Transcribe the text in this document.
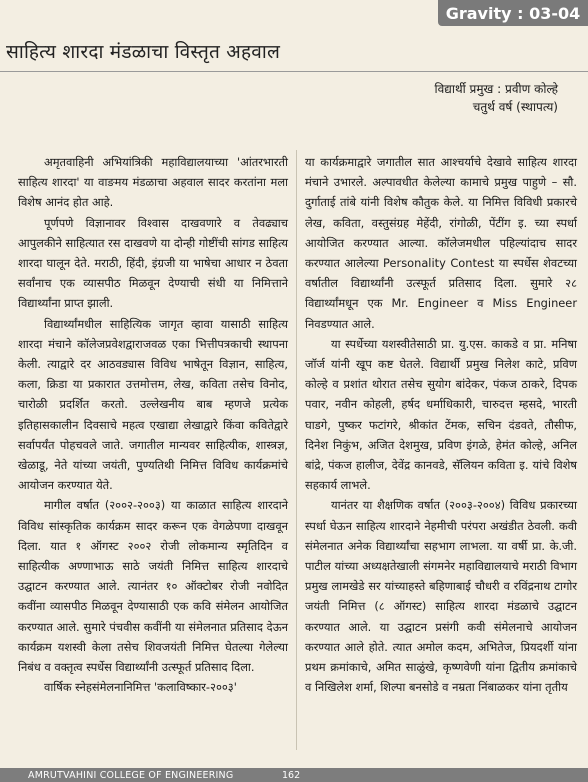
Gravity : 03-04
साहित्य शारदा मंडळाचा विस्तृत अहवाल
विद्यार्थी प्रमुख : प्रवीण कोल्हे
चतुर्थ वर्ष (स्थापत्य)

अमृतवाहिनी अभियांत्रिकी महाविद्यालयाच्या 'आंतरभारती साहित्य शारदा' या वाङमय मंडळाचा अहवाल सादर करतांना मला विशेष आनंद होत आहे.

पूर्णपणे विज्ञानावर विश्वास दाखवणारे व तेवढ्याच आपुलकीने साहित्यात रस दाखवणे या दोन्ही गोष्टींची सांगड साहित्य शारदा घालून देते. मराठी, हिंदी, इंग्रजी या भाषेचा आधार न ठेवता सर्वांनाच एक व्यासपीठ मिळवून देण्याची संधी या निमित्ताने विद्यार्थ्यांना प्राप्त झाली.

विद्यार्थ्यांमधील साहित्यिक जागृत व्हावा यासाठी साहित्य शारदा मंचाने कॉलेजप्रवेशद्वाराजवळ एका भित्तीपत्रकाची स्थापना केली. त्याद्वारे दर आठवड्यास विविध भाषेतून विज्ञान, साहित्य, कला, क्रिडा या प्रकारात उत्तमोत्तम, लेख, कविता तसेच विनोद, चारोळी प्रदर्शित करतो. उल्लेखनीय बाब म्हणजे प्रत्येक इतिहासकालीन दिवसाचे महत्व एखाद्या लेखाद्वारे किंवा कवितेद्वारे सर्वापर्यंत पोहचवले जाते. जगातील मान्यवर साहित्यीक, शास्त्रज्ञ, खेळाडू, नेते यांच्या जयंती, पुण्यतिथी निमित्त विविध कार्यक्रमांचे आयोजन करण्यात येते.

मागील वर्षात (२००२-२००३) या काळात साहित्य शारदाने विविध सांस्कृतिक कार्यक्रम सादर करून एक वेगळेपणा दाखवून दिला. यात १ ऑगस्ट २००२ रोजी लोकमान्य स्मृतिदिन व साहित्यीक अण्णाभाऊ साठे जयंती निमित्त साहित्य शारदाचे उद्घाटन करण्यात आले. त्यानंतर १० ऑक्टोबर रोजी नवोदित कवींना व्यासपीठ मिळवून देण्यासाठी एक कवि संमेलन आयोजित करण्यात आले. सुमारे पंचवीस कवींनी या संमेलनात प्रतिसाद देऊन कार्यक्रम यशस्वी केला तसेच शिवजयंती निमित्त घेतल्या गेलेल्या निबंध व वक्तृत्व स्पर्धेस विद्यार्थ्यांनी उत्स्फूर्त प्रतिसाद दिला.

वार्षिक स्नेहसंमेलनानिमित्त 'कलाविष्कार-२००३'

या कार्यक्रमाद्वारे जगातील सात आश्चर्याचे देखावे साहित्य शारदा मंचाने उभारले. अल्पावधीत केलेल्या कामाचे प्रमुख पाहुणे – सौ. दुर्गाताई तांबे यांनी विशेष कौतुक केले. या निमित्त विविधी प्रकारचे लेख, कविता, वस्तुसंग्रह मेहेंदी, रांगोळी, पेंटींग इ. च्या स्पर्धा आयोजित करण्यात आल्या. कॉलेजमधील पहिल्यांदाच सादर करण्यात आलेल्या Personality Contest या स्पर्धेस शेवटच्या वर्षातील विद्यार्थ्यांनी उत्स्फूर्त प्रतिसाद दिला. सुमारे २८ विद्यार्थ्यांमधून एक Mr. Engineer व Miss Engineer निवडण्यात आले.

या स्पर्धेच्या यशस्वीतेसाठी प्रा. यु.एस. काकडे व प्रा. मनिषा जॉर्ज यांनी खूप कष्ट घेतले. विद्यार्थी प्रमुख निलेश काटे, प्रविण कोल्हे व प्रशांत थोरात तसेच सुयोग बांदेकर, पंकज ठाकरे, दिपक पवार, नवीन कोहली, हर्षद धर्माधिकारी, चारुदत्त म्हसदे, भारती घाडगे, पुष्कर फटांगरे, श्रीकांत टेंमक, सचिन दंडवते, तौसीफ, दिनेश निकुंभ, अजित देशमुख, प्रविण इंगळे, हेमंत कोल्हे, अनिल बांद्रे, पंकज हालीज, देवेंद्र कानवडे, सॅलियन कविता इ. यांचे विशेष सहकार्य लाभले.

यानंतर या शैक्षणिक वर्षात (२००३-२००४) विविध प्रकारच्या स्पर्धा घेऊन साहित्य शारदाने नेहमीची परंपरा अखंडीत ठेवली. कवी संमेलनात अनेक विद्यार्थ्यांचा सहभाग लाभला. या वर्षी प्रा. के.जी. पाटील यांच्या अध्यक्षतेखाली संगमनेर महाविद्यालयाचे मराठी विभाग प्रमुख लामखेडे सर यांच्याहस्ते बहिणाबाई चौधरी व रविंद्रनाथ टागोर जयंती निमित्त (८ ऑगस्ट) साहित्य शारदा मंडळाचे उद्घाटन करण्यात आले. या उद्घाटन प्रसंगी कवी संमेलनाचे आयोजन करण्यात आले होते. त्यात अमोल कदम, अभितेज, प्रियदर्शी यांना प्रथम क्रमांकाचे, अमित साळुंखे, कृष्णवेणी यांना द्वितीय क्रमांकाचे व निखिलेश शर्मा, शिल्पा बनसोडे व नम्रता निंबाळकर यांना तृतीय

AMRUTVAHINI COLLEGE OF ENGINEERING	162
